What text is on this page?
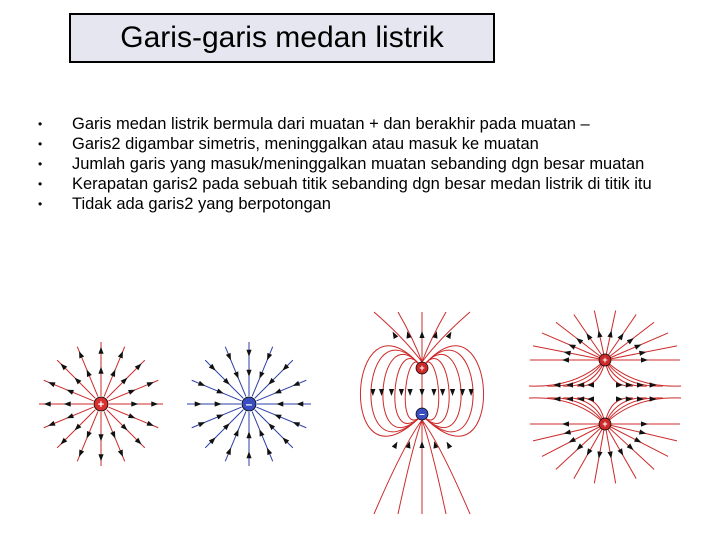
Garis-garis medan listrik
•	Garis medan listrik bermula dari muatan + dan berakhir pada muatan –
•	Garis2 digambar simetris, meninggalkan atau masuk ke muatan
•	Jumlah garis yang masuk/meninggalkan muatan sebanding dgn besar muatan
•	Kerapatan garis2 pada sebuah titik sebanding dgn besar medan listrik di titik itu
•	Tidak ada garis2 yang berpotongan
+	–
+
–
+
+
